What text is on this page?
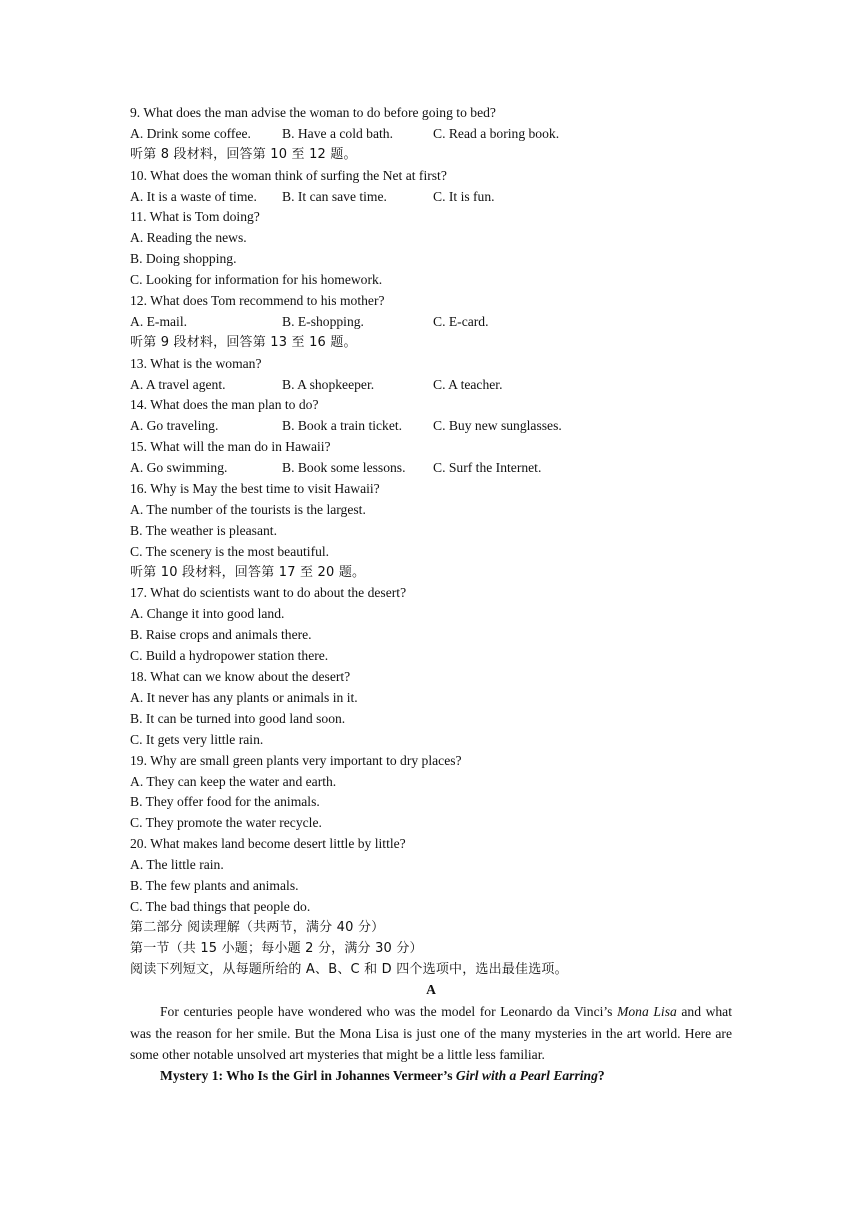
9. What does the man advise the woman to do before going to bed?
A. Drink some coffee.	B. Have a cold bath.	C. Read a boring book.
听第 8 段材料，回答第 10 至 12 题。
10. What does the woman think of surfing the Net at first?
A. It is a waste of time.	B. It can save time.	C. It is fun.
11. What is Tom doing?
A. Reading the news.
B. Doing shopping.
C. Looking for information for his homework.
12. What does Tom recommend to his mother?
A. E-mail.	B. E-shopping.	C. E-card.
听第 9 段材料，回答第 13 至 16 题。
13. What is the woman?
A. A travel agent.	B. A shopkeeper.	C. A teacher.
14. What does the man plan to do?
A. Go traveling.	B. Book a train ticket.	C. Buy new sunglasses.
15. What will the man do in Hawaii?
A. Go swimming.	B. Book some lessons.	C. Surf the Internet.
16. Why is May the best time to visit Hawaii?
A. The number of the tourists is the largest.
B. The weather is pleasant.
C. The scenery is the most beautiful.
听第 10 段材料，回答第 17 至 20 题。
17. What do scientists want to do about the desert?
A. Change it into good land.
B. Raise crops and animals there.
C. Build a hydropower station there.
18. What can we know about the desert?
A. It never has any plants or animals in it.
B. It can be turned into good land soon.
C. It gets very little rain.
19. Why are small green plants very important to dry places?
A. They can keep the water and earth.
B. They offer food for the animals.
C. They promote the water recycle.
20. What makes land become desert little by little?
A. The little rain.
B. The few plants and animals.
C. The bad things that people do.
第二部分 阅读理解（共两节，满分 40 分）
第一节（共 15 小题；每小题 2 分，满分 30 分）
阅读下列短文，从每题所给的 A、B、C 和 D 四个选项中，选出最佳选项。
A

For centuries people have wondered who was the model for Leonardo da Vinci’s Mona Lisa and what was the reason for her smile. But the Mona Lisa is just one of the many mysteries in the art world. Here are some other notable unsolved art mysteries that might be a little less familiar.

Mystery 1: Who Is the Girl in Johannes Vermeer’s Girl with a Pearl Earring?
